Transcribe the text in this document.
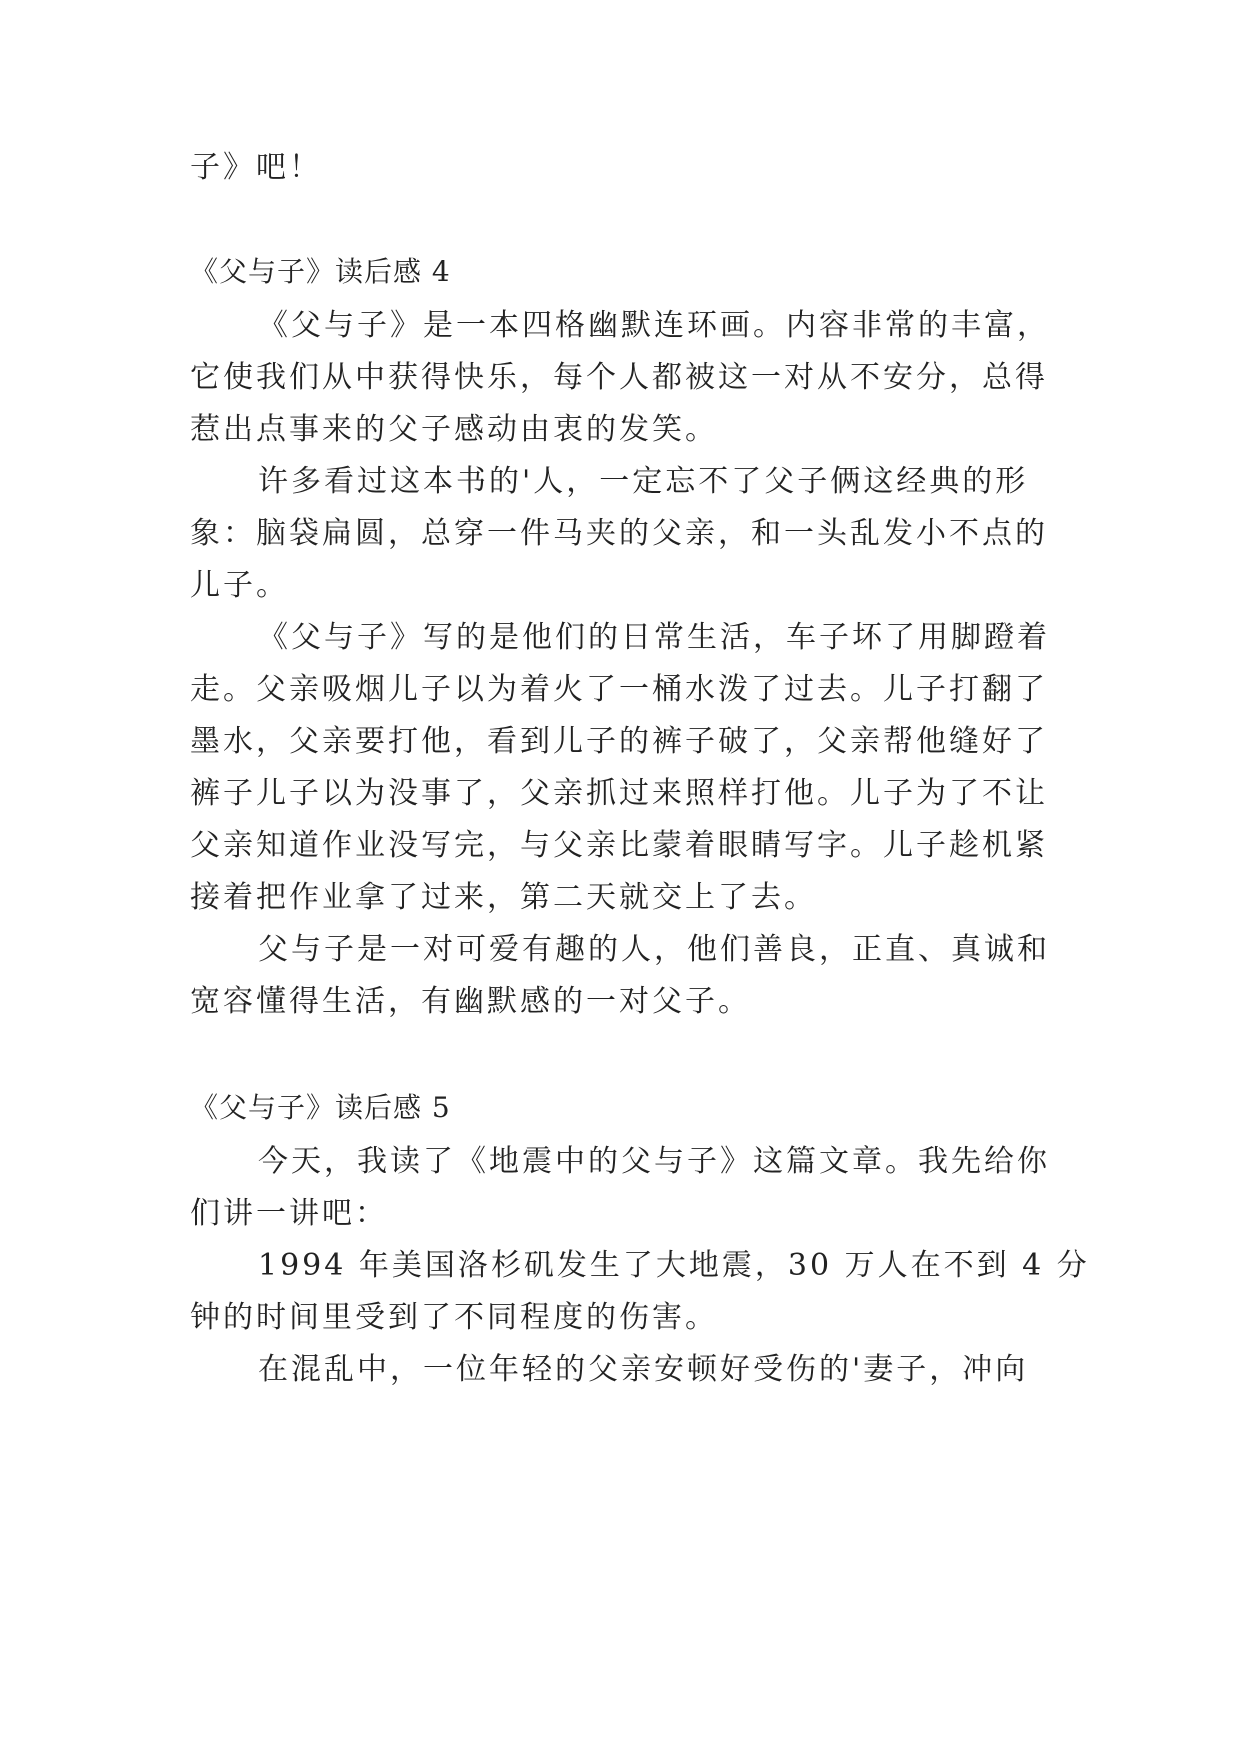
子》吧！
《父与子》读后感 4
《父与子》是一本四格幽默连环画。内容非常的丰富，
它使我们从中获得快乐，每个人都被这一对从不安分，总得
惹出点事来的父子感动由衷的发笑。
许多看过这本书的'人，一定忘不了父子俩这经典的形
象：脑袋扁圆，总穿一件马夹的父亲，和一头乱发小不点的
儿子。
《父与子》写的是他们的日常生活，车子坏了用脚蹬着
走。父亲吸烟儿子以为着火了一桶水泼了过去。儿子打翻了
墨水，父亲要打他，看到儿子的裤子破了，父亲帮他缝好了
裤子儿子以为没事了，父亲抓过来照样打他。儿子为了不让
父亲知道作业没写完，与父亲比蒙着眼睛写字。儿子趁机紧
接着把作业拿了过来，第二天就交上了去。
父与子是一对可爱有趣的人，他们善良，正直、真诚和
宽容懂得生活，有幽默感的一对父子。
《父与子》读后感 5
今天，我读了《地震中的父与子》这篇文章。我先给你
们讲一讲吧：
1994 年美国洛杉矶发生了大地震，30 万人在不到 4 分
钟的时间里受到了不同程度的伤害。
在混乱中，一位年轻的父亲安顿好受伤的'妻子，冲向
